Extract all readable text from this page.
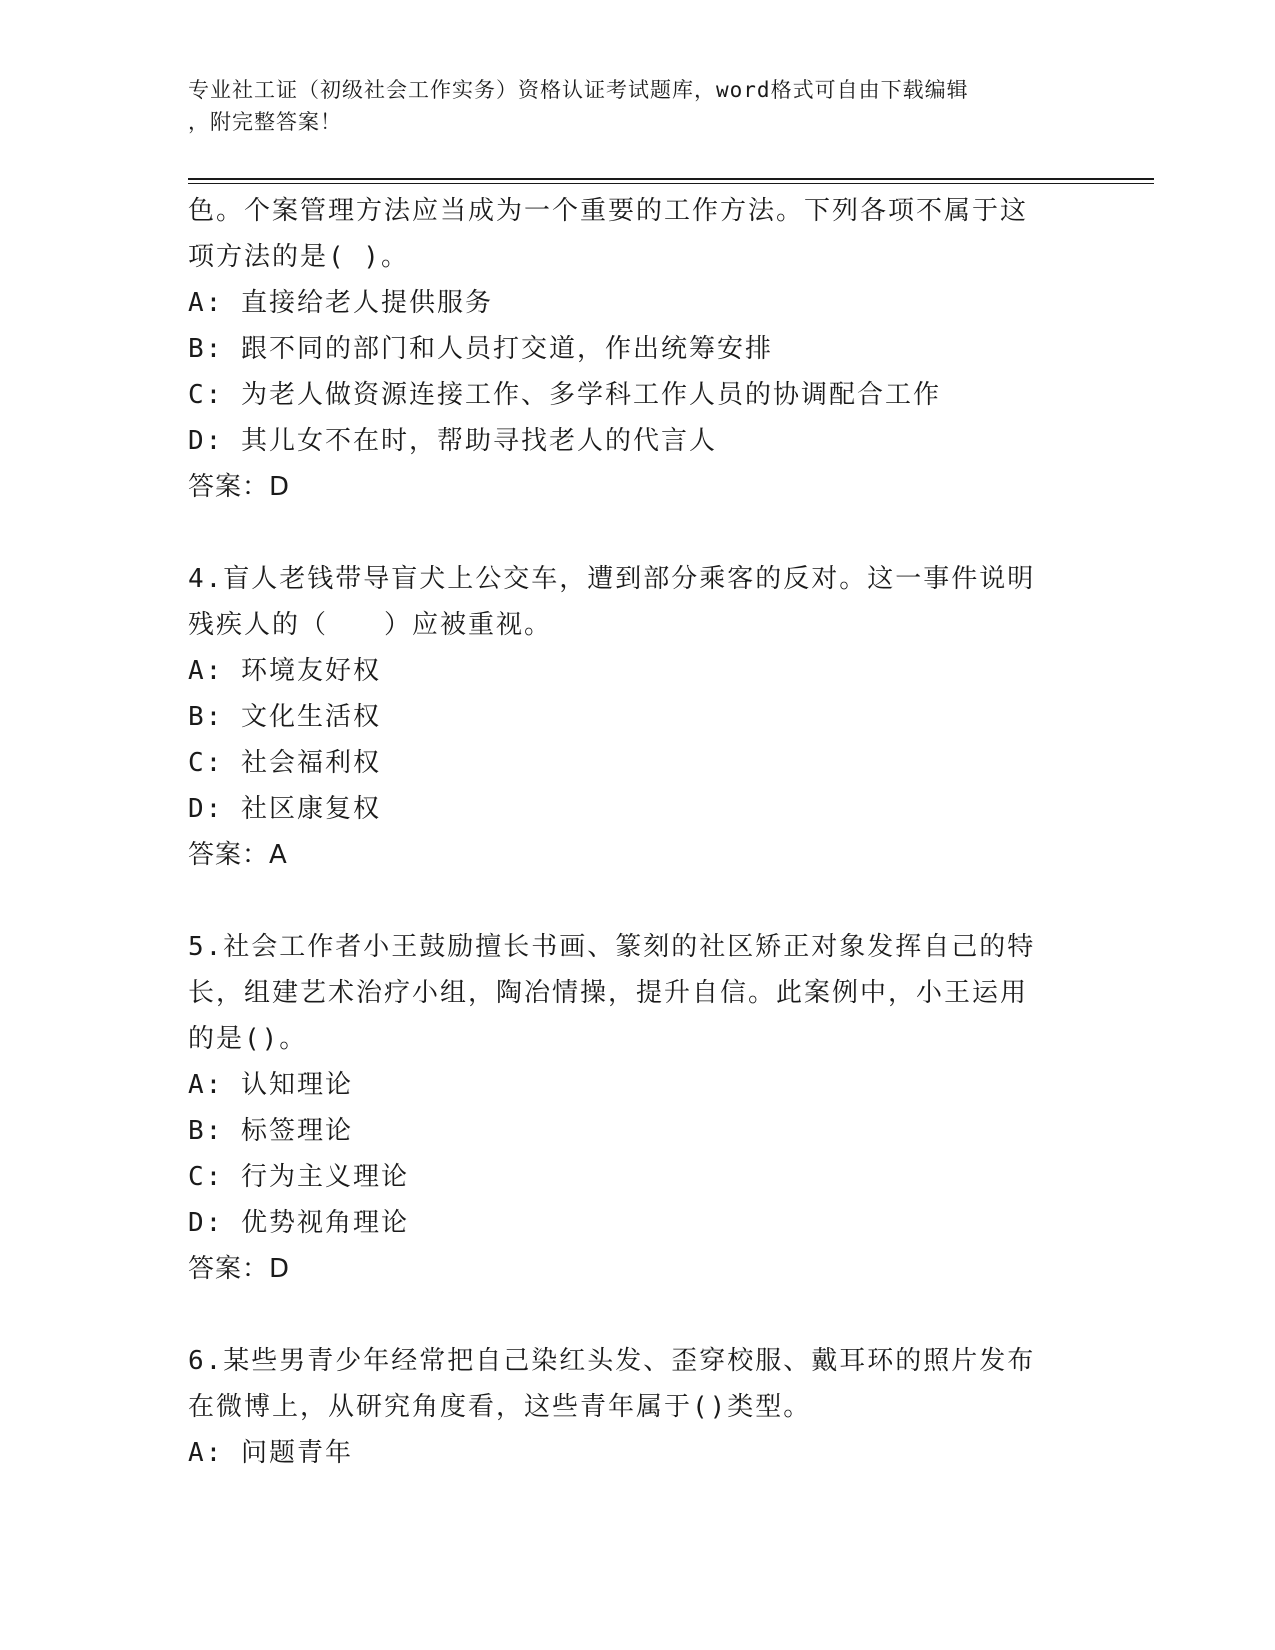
专业社工证（初级社会工作实务）资格认证考试题库，word格式可自由下载编辑
，附完整答案！
色。个案管理方法应当成为一个重要的工作方法。下列各项不属于这
项方法的是( )。
A: 直接给老人提供服务
B: 跟不同的部门和人员打交道，作出统筹安排
C: 为老人做资源连接工作、多学科工作人员的协调配合工作
D: 其儿女不在时，帮助寻找老人的代言人
答案：D
4.盲人老钱带导盲犬上公交车，遭到部分乘客的反对。这一事件说明
残疾人的（　　）应被重视。
A: 环境友好权
B: 文化生活权
C: 社会福利权
D: 社区康复权
答案：A
5.社会工作者小王鼓励擅长书画、篆刻的社区矫正对象发挥自己的特
长，组建艺术治疗小组，陶冶情操，提升自信。此案例中，小王运用
的是()。
A: 认知理论
B: 标签理论
C: 行为主义理论
D: 优势视角理论
答案：D
6.某些男青少年经常把自己染红头发、歪穿校服、戴耳环的照片发布
在微博上，从研究角度看，这些青年属于()类型。
A: 问题青年
